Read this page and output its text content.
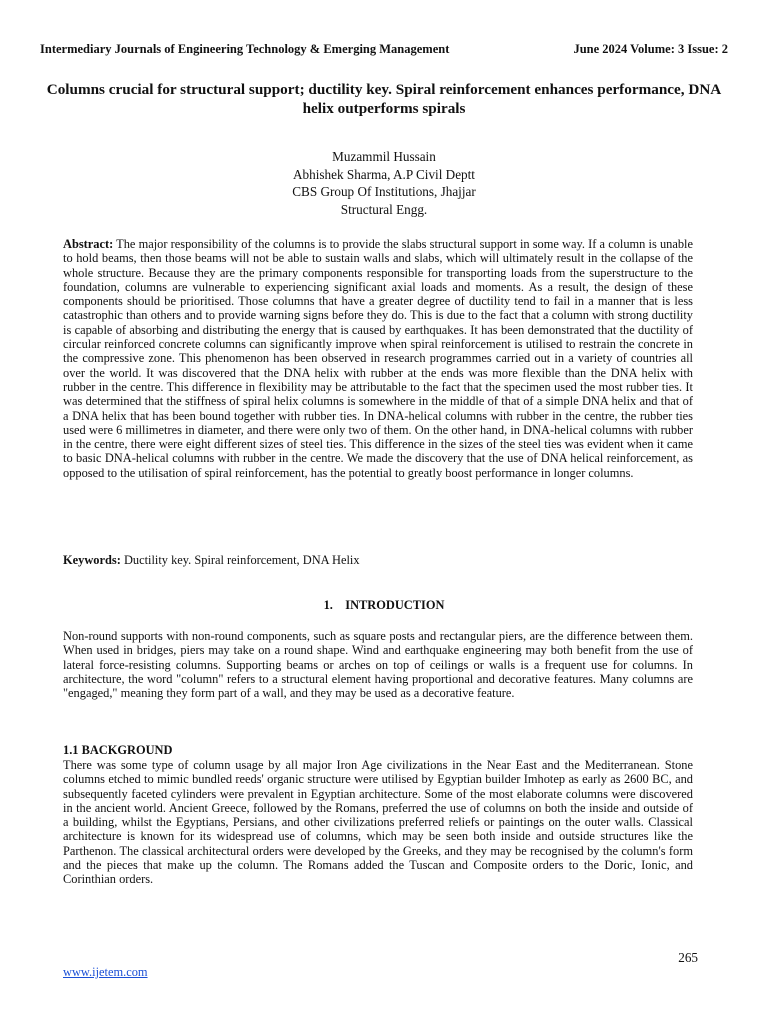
Intermediary Journals of Engineering Technology & Emerging Management	June 2024 Volume: 3 Issue: 2
Columns crucial for structural support; ductility key. Spiral reinforcement enhances performance, DNA helix outperforms spirals
Muzammil Hussain
Abhishek Sharma, A.P Civil Deptt
CBS Group Of Institutions, Jhajjar
Structural Engg.

Abstract: The major responsibility of the columns is to provide the slabs structural support in some way. If a column is unable to hold beams, then those beams will not be able to sustain walls and slabs, which will ultimately result in the collapse of the whole structure. Because they are the primary components responsible for transporting loads from the superstructure to the foundation, columns are vulnerable to experiencing significant axial loads and moments. As a result, the design of these components should be prioritised. Those columns that have a greater degree of ductility tend to fail in a manner that is less catastrophic than others and to provide warning signs before they do. This is due to the fact that a column with strong ductility is capable of absorbing and distributing the energy that is caused by earthquakes. It has been demonstrated that the ductility of circular reinforced concrete columns can significantly improve when spiral reinforcement is utilised to restrain the concrete in the compressive zone. This phenomenon has been observed in research programmes carried out in a variety of countries all over the world. It was discovered that the DNA helix with rubber at the ends was more flexible than the DNA helix with rubber in the centre. This difference in flexibility may be attributable to the fact that the specimen used the most rubber ties. It was determined that the stiffness of spiral helix columns is somewhere in the middle of that of a simple DNA helix and that of a DNA helix that has been bound together with rubber ties. In DNA-helical columns with rubber in the centre, the rubber ties used were 6 millimetres in diameter, and there were only two of them. On the other hand, in DNA-helical columns with rubber in the centre, there were eight different sizes of steel ties. This difference in the sizes of the steel ties was evident when it came to basic DNA-helical columns with rubber in the centre. We made the discovery that the use of DNA helical reinforcement, as opposed to the utilisation of spiral reinforcement, has the potential to greatly boost performance in longer columns.

Keywords: Ductility key. Spiral reinforcement, DNA Helix

1.    INTRODUCTION

Non-round supports with non-round components, such as square posts and rectangular piers, are the difference between them. When used in bridges, piers may take on a round shape. Wind and earthquake engineering may both benefit from the use of lateral force-resisting columns. Supporting beams or arches on top of ceilings or walls is a frequent use for columns. In architecture, the word "column" refers to a structural element having proportional and decorative features. Many columns are "engaged," meaning they form part of a wall, and they may be used as a decorative feature.

1.1 BACKGROUND

There was some type of column usage by all major Iron Age civilizations in the Near East and the Mediterranean. Stone columns etched to mimic bundled reeds' organic structure were utilised by Egyptian builder Imhotep as early as 2600 BC, and subsequently faceted cylinders were prevalent in Egyptian architecture. Some of the most elaborate columns were discovered in the ancient world. Ancient Greece, followed by the Romans, preferred the use of columns on both the inside and outside of a building, whilst the Egyptians, Persians, and other civilizations preferred reliefs or paintings on the outer walls. Classical architecture is known for its widespread use of columns, which may be seen both inside and outside structures like the Parthenon. The classical architectural orders were developed by the Greeks, and they may be recognised by the column's form and the pieces that make up the column. The Romans added the Tuscan and Composite orders to the Doric, Ionic, and Corinthian orders.

265
www.ijetem.com
